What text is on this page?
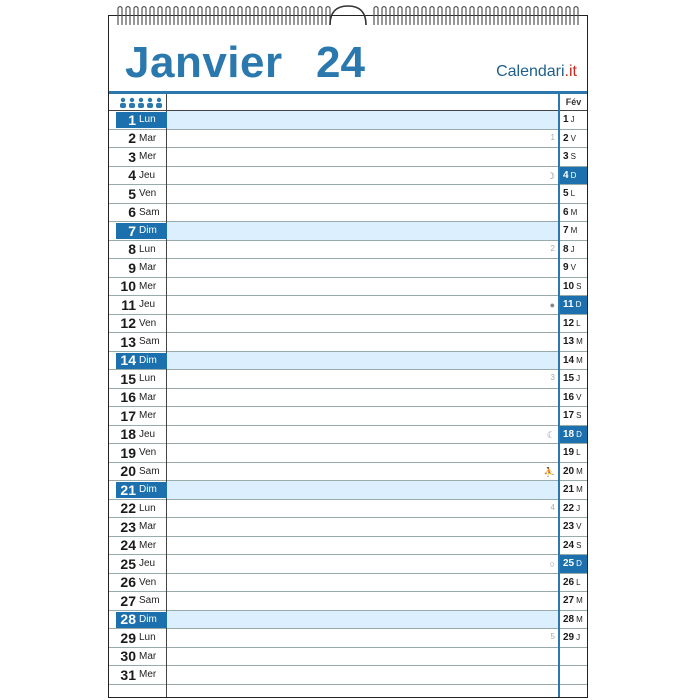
Janvier 24	Calendari.it
1 Lun
2 Mar
3 Mer
4 Jeu
5 Ven
6 Sam
7 Dim
8 Lun
9 Mar
10 Mer
11 Jeu
12 Ven
13 Sam
14 Dim
15 Lun
16 Mar
17 Mer
18 Jeu
19 Ven
20 Sam
21 Dim
22 Lun
23 Mar
24 Mer
25 Jeu
26 Ven
27 Sam
28 Dim
29 Lun
30 Mar
31 Mer
1
☽
2
●
3
☾
⛹
4
○
5
Fév
1 J
2 V
3 S
4 D
5 L
6 M
7 M
8 J
9 V
10 S
11 D
12 L
13 M
14 M
15 J
16 V
17 S
18 D
19 L
20 M
21 M
22 J
23 V
24 S
25 D
26 L
27 M
28 M
29 J
